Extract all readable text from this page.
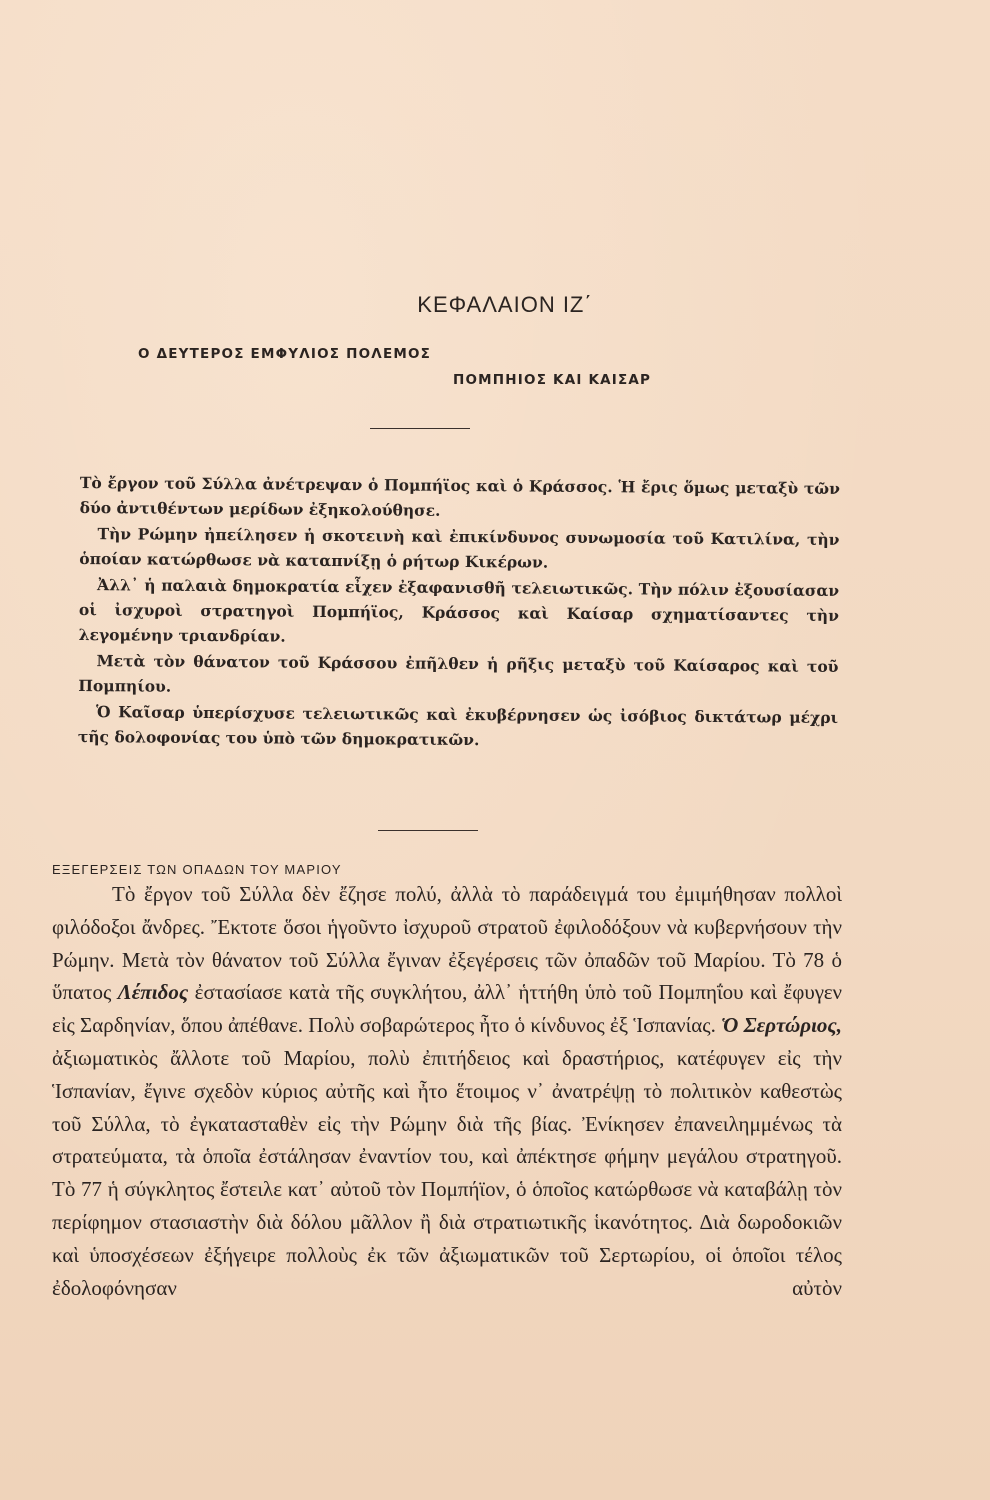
ΚΕΦΑΛΑΙΟΝ ΙΖ΄
Ο ΔΕΥΤΕΡΟΣ ΕΜΦΥΛΙΟΣ ΠΟΛΕΜΟΣ
ΠΟΜΠΗΙΟΣ ΚΑΙ ΚΑΙΣΑΡ

Τὸ ἔργον τοῦ Σύλλα ἀνέτρεψαν ὁ Πομπήϊος καὶ ὁ Κράσσος. Ἡ ἔρις ὅμως μεταξὺ τῶν δύο ἀντιθέντων μερίδων ἐξηκολούθησε.

Τὴν Ρώμην ἠπείλησεν ἡ σκοτεινὴ καὶ ἐπικίνδυνος συνωμοσία τοῦ Κατιλίνα, τὴν ὁποίαν κατώρθωσε νὰ καταπνίξῃ ὁ ρήτωρ Κικέρων.

Ἀλλ᾽ ἡ παλαιὰ δημοκρατία εἶχεν ἐξαφανισθῆ τελειωτικῶς. Τὴν πόλιν ἐξουσίασαν οἱ ἰσχυροὶ στρατηγοὶ Πομπήϊος, Κράσσος καὶ Καίσαρ σχηματίσαντες τὴν λεγομένην τριανδρίαν.

Μετὰ τὸν θάνατον τοῦ Κράσσου ἐπῆλθεν ἡ ρῆξις μεταξὺ τοῦ Καίσαρος καὶ τοῦ Πομπηίου.

Ὁ Καῖσαρ ὑπερίσχυσε τελειωτικῶς καὶ ἐκυβέρνησεν ὡς ἰσόβιος δικτάτωρ μέχρι τῆς δολοφονίας του ὑπὸ τῶν δημοκρατικῶν.

ΕΞΕΓΕΡΣΕΙΣ ΤΩΝ ΟΠΑΔΩΝ ΤΟΥ ΜΑΡΙΟΥ

Τὸ ἔργον τοῦ Σύλλα δὲν ἔζησε πολύ, ἀλλὰ τὸ παράδειγμά του ἐμιμήθησαν πολλοὶ φιλόδοξοι ἄνδρες. Ἔκτοτε ὅσοι ἡγοῦντο ἰσχυροῦ στρατοῦ ἐφιλοδόξουν νὰ κυβερνήσουν τὴν Ρώμην. Μετὰ τὸν θάνατον τοῦ Σύλλα ἔγιναν ἐξεγέρσεις τῶν ὀπαδῶν τοῦ Μαρίου. Τὸ 78 ὁ ὕπατος Λέπιδος ἐστασίασε κατὰ τῆς συγκλήτου, ἀλλ᾽ ἡττήθη ὑπὸ τοῦ Πομπηΐου καὶ ἔφυγεν εἰς Σαρδηνίαν, ὅπου ἀπέθανε. Πολὺ σοβαρώτερος ἦτο ὁ κίνδυνος ἐξ Ἱσπανίας. Ὁ Σερτώριος, ἀξιωματικὸς ἄλλοτε τοῦ Μαρίου, πολὺ ἐπιτήδειος καὶ δραστήριος, κατέφυγεν εἰς τὴν Ἱσπανίαν, ἔγινε σχεδὸν κύριος αὐτῆς καὶ ἦτο ἕτοιμος ν᾽ ἀνατρέψῃ τὸ πολιτικὸν καθεστὼς τοῦ Σύλλα, τὸ ἐγκατασταθὲν εἰς τὴν Ρώμην διὰ τῆς βίας. Ἐνίκησεν ἐπανειλημμένως τὰ στρατεύματα, τὰ ὁποῖα ἐστάλησαν ἐναντίον του, καὶ ἀπέκτησε φήμην μεγάλου στρατηγοῦ. Τὸ 77 ἡ σύγκλητος ἔστειλε κατ᾽ αὐτοῦ τὸν Πομπήϊον, ὁ ὁποῖος κατώρθωσε νὰ καταβάλῃ τὸν περίφημον στασιαστὴν διὰ δόλου μᾶλλον ἢ διὰ στρατιωτικῆς ἱκανότητος. Διὰ δωροδοκιῶν καὶ ὑποσχέσεων ἐξήγειρε πολλοὺς ἐκ τῶν ἀξιωματικῶν τοῦ Σερτωρίου, οἱ ὁποῖοι τέλος ἐδολοφόνησαν αὐτὸν
